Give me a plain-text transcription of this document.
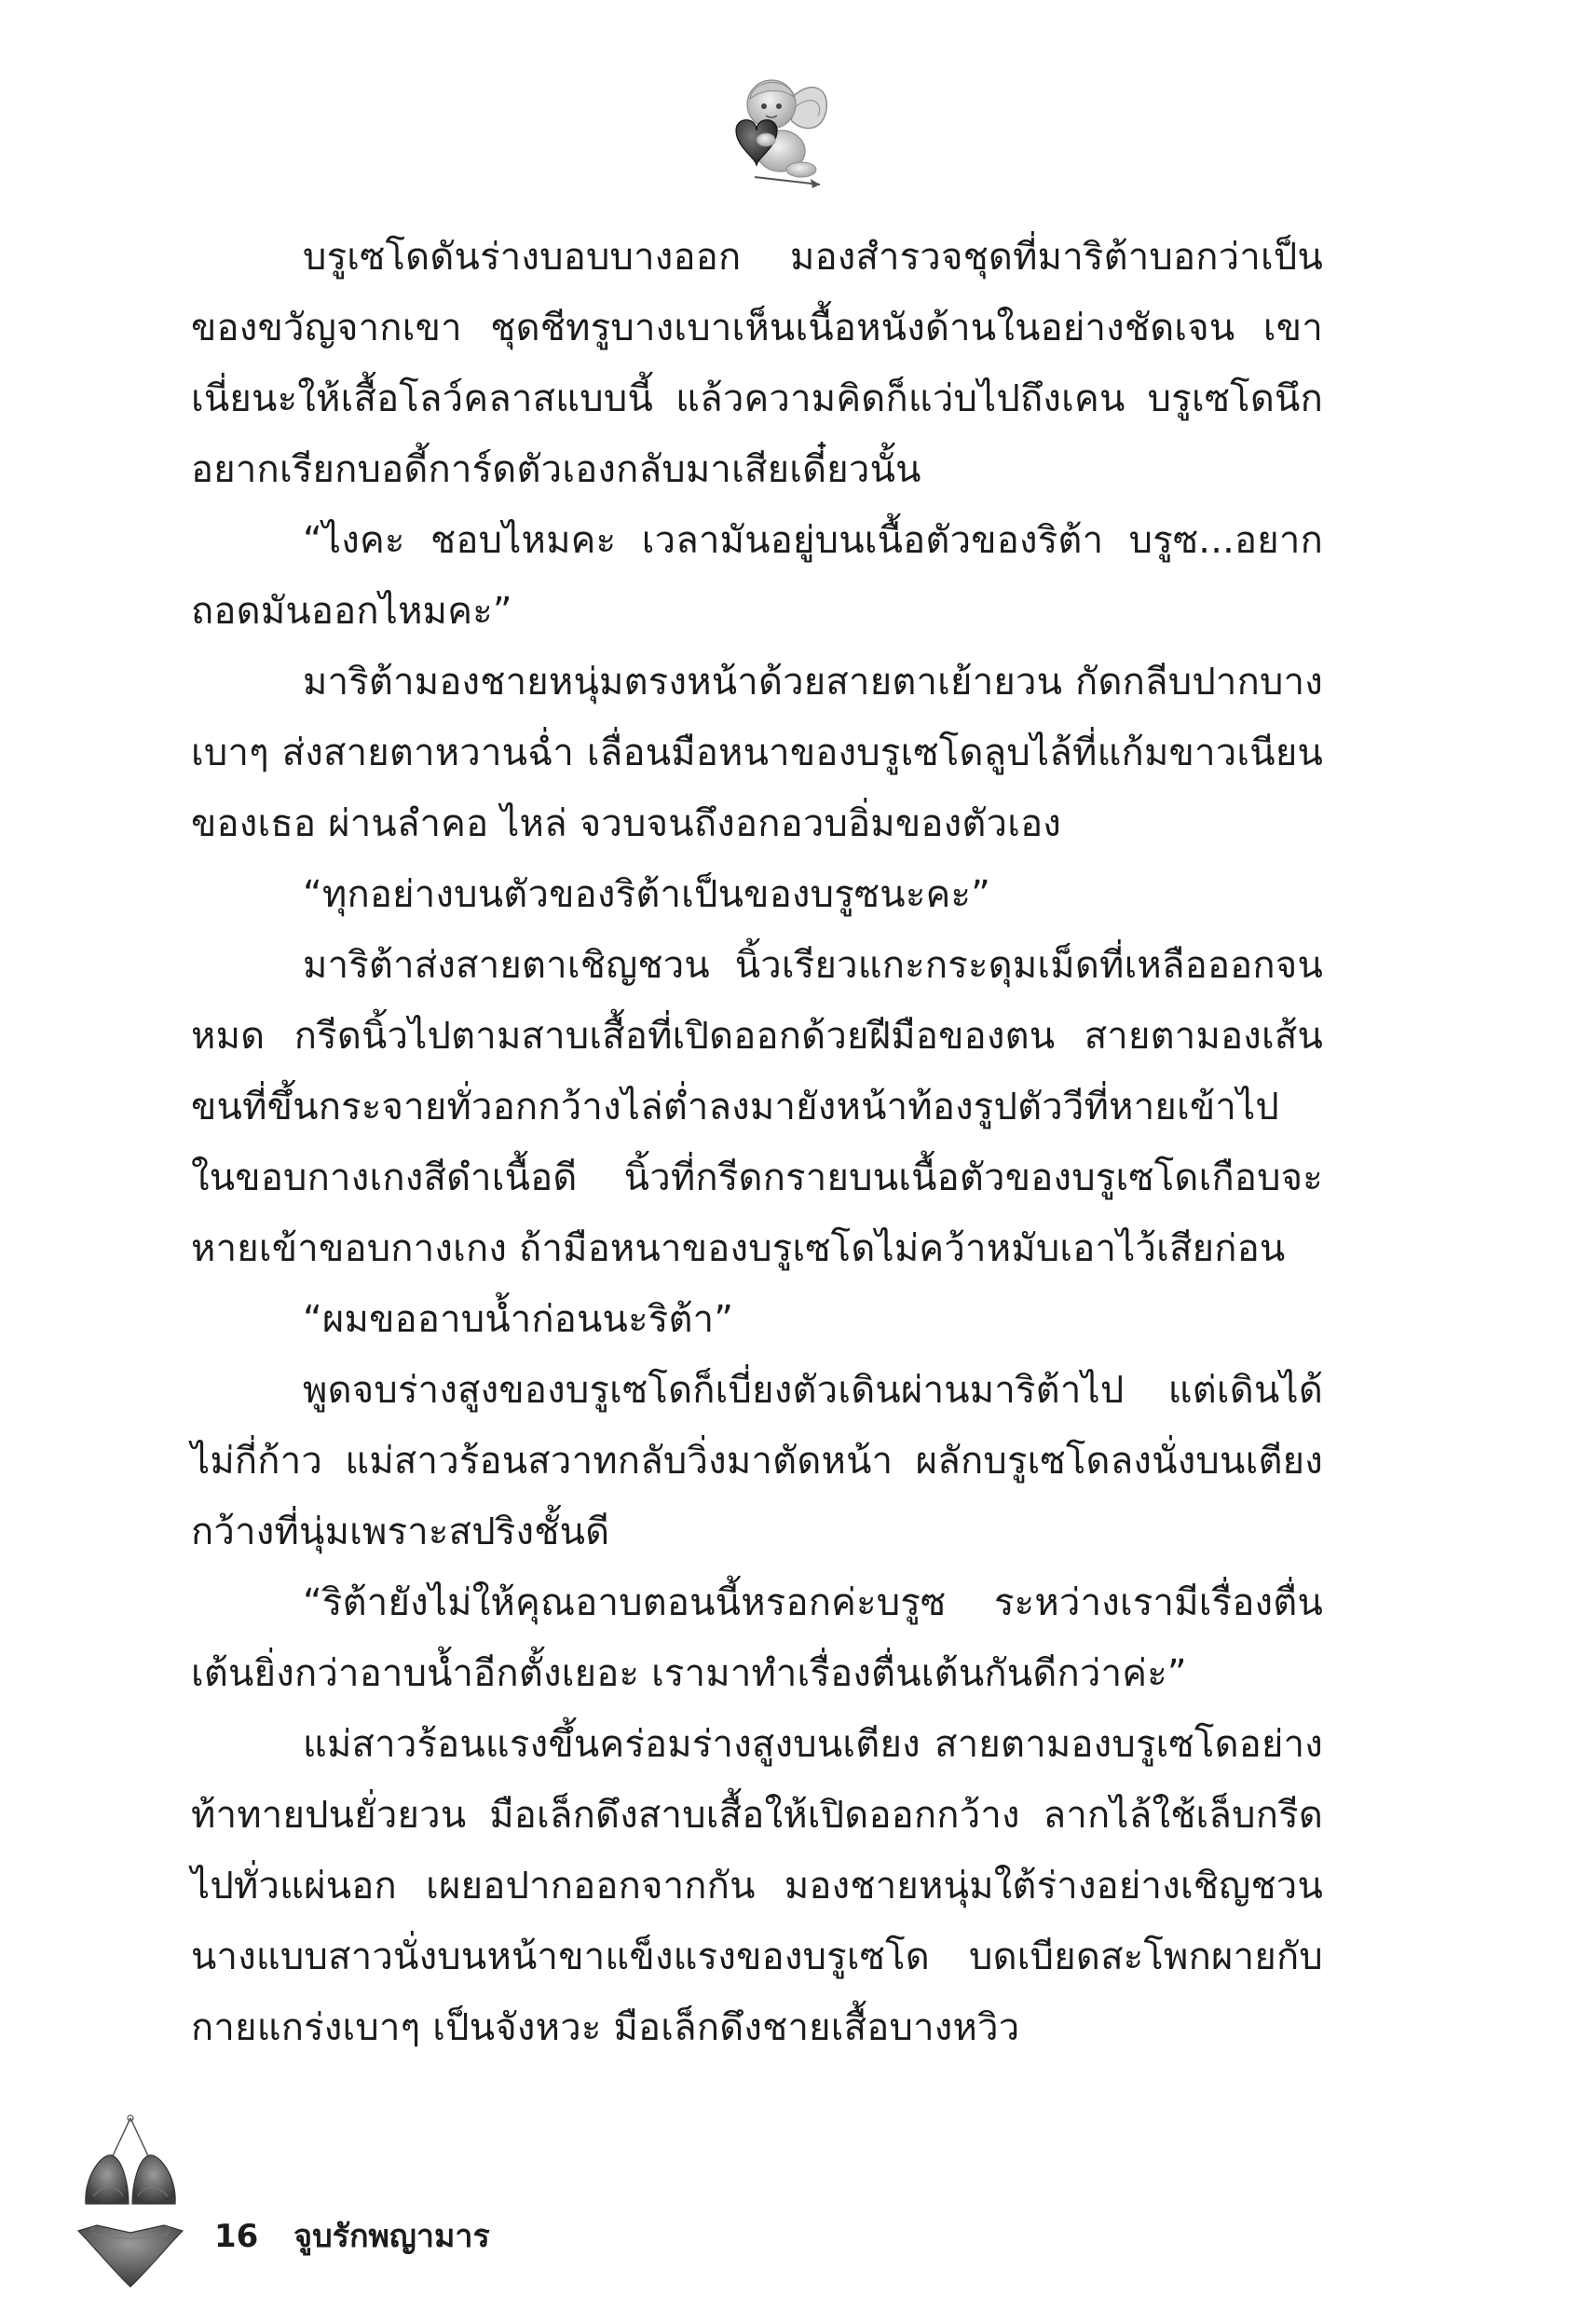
บรูเซโดดันร่างบอบบางออก มองสำรวจชุดที่มาริต้าบอกว่าเป็นของขวัญจากเขา ชุดชีทรูบางเบาเห็นเนื้อหนังด้านในอย่างชัดเจน เขาเนี่ยนะให้เสื้อโลว์คลาสแบบนี้ แล้วความคิดก็แว่บไปถึงเคน บรูเซโดนึกอยากเรียกบอดี้การ์ดตัวเองกลับมาเสียเดี๋ยวนั้น

“ไงคะ ชอบไหมคะ เวลามันอยู่บนเนื้อตัวของริต้า บรูซ...อยากถอดมันออกไหมคะ”

มาริต้ามองชายหนุ่มตรงหน้าด้วยสายตาเย้ายวน กัดกลีบปากบางเบาๆ ส่งสายตาหวานฉ่ำ เลื่อนมือหนาของบรูเซโดลูบไล้ที่แก้มขาวเนียนของเธอ ผ่านลำคอ ไหล่ จวบจนถึงอกอวบอิ่มของตัวเอง

“ทุกอย่างบนตัวของริต้าเป็นของบรูซนะคะ”

มาริต้าส่งสายตาเชิญชวน นิ้วเรียวแกะกระดุมเม็ดที่เหลือออกจนหมด กรีดนิ้วไปตามสาบเสื้อที่เปิดออกด้วยฝีมือของตน สายตามองเส้นขนที่ขึ้นกระจายทั่วอกกว้างไล่ต่ำลงมายังหน้าท้องรูปตัววีที่หายเข้าไปในขอบกางเกงสีดำเนื้อดี นิ้วที่กรีดกรายบนเนื้อตัวของบรูเซโดเกือบจะหายเข้าขอบกางเกง ถ้ามือหนาของบรูเซโดไม่คว้าหมับเอาไว้เสียก่อน

“ผมขออาบน้ำก่อนนะริต้า”

พูดจบร่างสูงของบรูเซโดก็เบี่ยงตัวเดินผ่านมาริต้าไป แต่เดินได้ไม่กี่ก้าว แม่สาวร้อนสวาทกลับวิ่งมาตัดหน้า ผลักบรูเซโดลงนั่งบนเตียงกว้างที่นุ่มเพราะสปริงชั้นดี

“ริต้ายังไม่ให้คุณอาบตอนนี้หรอกค่ะบรูซ ระหว่างเรามีเรื่องตื่นเต้นยิ่งกว่าอาบน้ำอีกตั้งเยอะ เรามาทำเรื่องตื่นเต้นกันดีกว่าค่ะ”

แม่สาวร้อนแรงขึ้นคร่อมร่างสูงบนเตียง สายตามองบรูเซโดอย่างท้าทายปนยั่วยวน มือเล็กดึงสาบเสื้อให้เปิดออกกว้าง ลากไล้ใช้เล็บกรีดไปทั่วแผ่นอก เผยอปากออกจากกัน มองชายหนุ่มใต้ร่างอย่างเชิญชวน นางแบบสาวนั่งบนหน้าขาแข็งแรงของบรูเซโด บดเบียดสะโพกผายกับกายแกร่งเบาๆ เป็นจังหวะ มือเล็กดึงชายเสื้อบางหวิว

16 จูบรักพญามาร
